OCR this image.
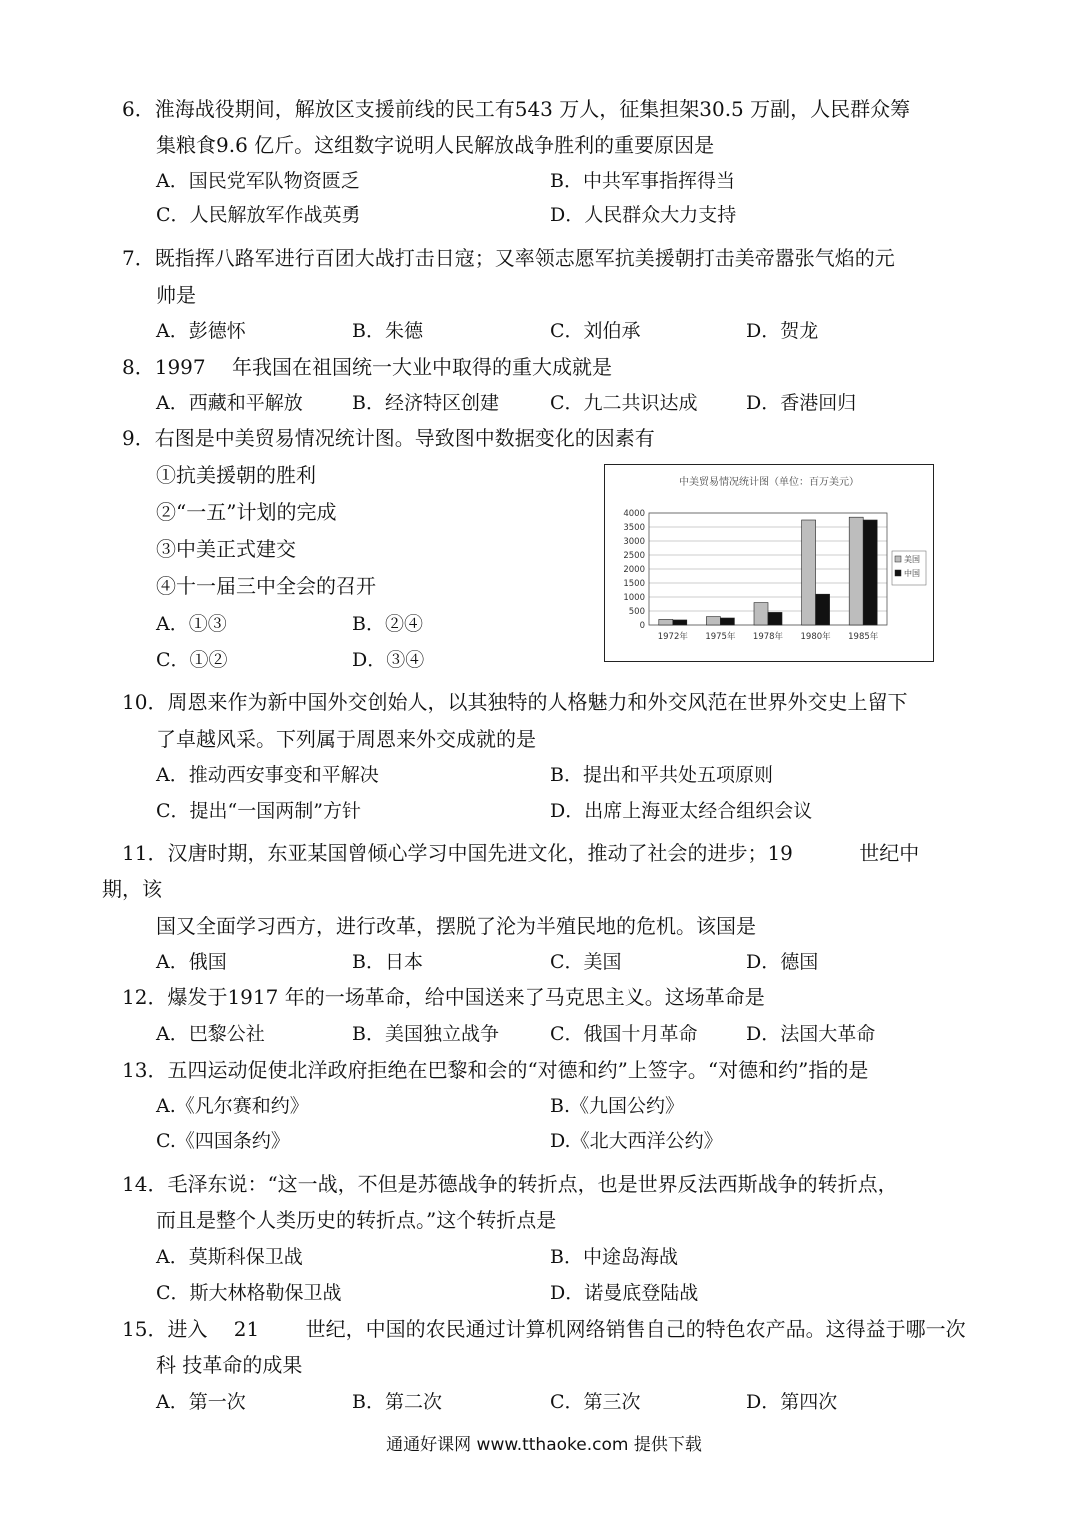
6．淮海战役期间，解放区支援前线的民工有543 万人，征集担架30.5 万副，人民群众筹
集粮食9.6 亿斤。这组数字说明人民解放战争胜利的重要原因是
A．国民党军队物资匮乏	B．中共军事指挥得当
C．人民解放军作战英勇	D．人民群众大力支持
7．既指挥八路军进行百团大战打击日寇；又率领志愿军抗美援朝打击美帝嚣张气焰的元
帅是
A．彭德怀	B．朱德	C．刘伯承	D．贺龙
8．1997 　年我国在祖国统一大业中取得的重大成就是
A．西藏和平解放	B．经济特区创建	C．九二共识达成	D．香港回归
9．右图是中美贸易情况统计图。导致图中数据变化的因素有
①抗美援朝的胜利
②“一五”计划的完成
③中美正式建交
④十一届三中全会的召开
A．①③	B．②④
C．①②	D．③④
中美贸易情况统计图（单位：百万美元）
0
500
1000
1500
2000
2500
3000
3500
4000
1972年 1975年 1978年 1980年 1985年
美国
中国
10．周恩来作为新中国外交创始人，以其独特的人格魅力和外交风范在世界外交史上留下
了卓越风采。下列属于周恩来外交成就的是
A．推动西安事变和平解决	B．提出和平共处五项原则
C．提出“一国两制”方针	D．出席上海亚太经合组织会议
11．汉唐时期，东亚某国曾倾心学习中国先进文化，推动了社会的进步；19 　　　世纪中
期，该
国又全面学习西方，进行改革，摆脱了沦为半殖民地的危机。该国是
A．俄国	B．日本	C．美国	D．德国
12．爆发于1917 年的一场革命，给中国送来了马克思主义。这场革命是
A．巴黎公社	B．美国独立战争	C．俄国十月革命	D．法国大革命
13．五四运动促使北洋政府拒绝在巴黎和会的“对德和约”上签字。“对德和约”指的是
A.《凡尔赛和约》	B.《九国公约》
C.《四国条约》	D.《北大西洋公约》
14．毛泽东说：“这一战，不但是苏德战争的转折点，也是世界反法西斯战争的转折点，
而且是整个人类历史的转折点。”这个转折点是
A．莫斯科保卫战	B．中途岛海战
C．斯大林格勒保卫战	D．诺曼底登陆战
15．进入 　21 　　世纪，中国的农民通过计算机网络销售自己的特色农产品。这得益于哪一次
科 技革命的成果
A．第一次	B．第二次	C．第三次	D．第四次
通通好课网 www.tthaoke.com 提供下载
